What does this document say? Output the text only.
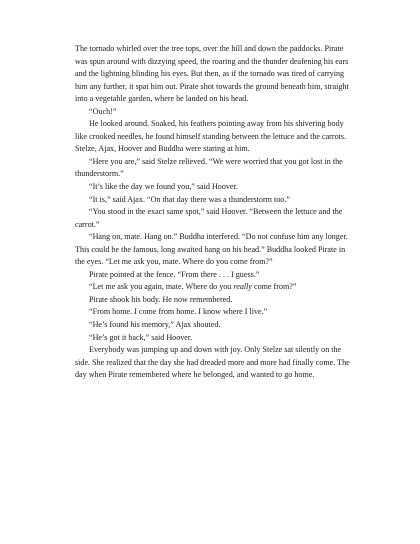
The tornado whirled over the tree tops, over the hill and down the paddocks. Pirate was spun around with dizzying speed, the roaring and the thunder deafening his ears and the lightning blinding his eyes. But then, as if the tornado was tired of carrying him any further, it spat him out. Pirate shot towards the ground beneath him, straight into a vegetable garden, where he landed on his head.

“Ouch!”

He looked around. Soaked, his feathers pointing away from his shivering body like crooked needles, he found himself standing between the lettuce and the carrots. Stelze, Ajax, Hoover and Buddha were staring at him.

“Here you are,” said Stelze relieved. “We were worried that you got lost in the thunderstorm.”

“It’s like the day we found you,” said Hoover.

“It is,” said Ajax. “On that day there was a thunderstorm too.”

“You stood in the exact same spot,” said Hoover. “Between the lettuce and the carrot.”

“Hang on, mate. Hang on.” Buddha interfered. “Do not confuse him any longer. This could be the famous, long awaited bang on his head.” Buddha looked Pirate in the eyes. “Let me ask you, mate. Where do you come from?”

Pirate pointed at the fence. “From there . . . I guess.”

“Let me ask you again, mate. Where do you really come from?”

Pirate shook his body. He now remembered.

“From home. I come from home. I know where I live.”

“He’s found his memory,” Ajax shouted.

“He’s got it back,” said Hoover.

Everybody was jumping up and down with joy. Only Stelze sat silently on the side. She realized that the day she had dreaded more and more had finally come. The day when Pirate remembered where he belonged, and wanted to go home.
